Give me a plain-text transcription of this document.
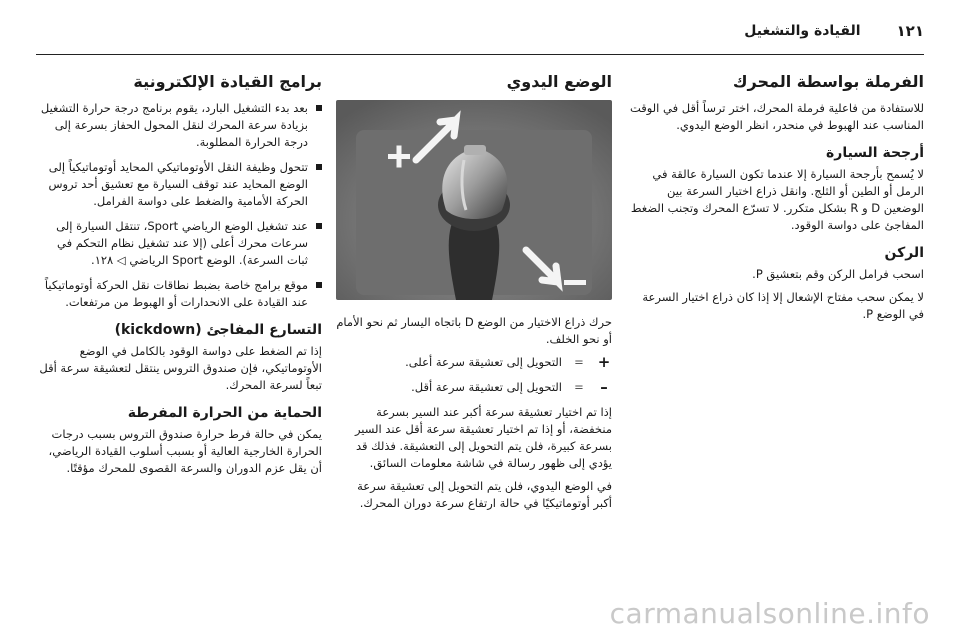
١٢١
القيادة والتشغيل
الفرملة بواسطة المحرك

للاستفادة من فاعلية فرملة المحرك، اختر ترساً أقل في الوقت المناسب عند الهبوط في منحدر، انظر الوضع اليدوي.

أرجحة السيارة

لا يُسمح بأرجحة السيارة إلا عندما تكون السيارة عالقة في الرمل أو الطين أو الثلج. وانقل ذراع اختيار السرعة بين الوضعين D و R بشكل متكرر. لا تسرّع المحرك وتجنب الضغط المفاجئ على دواسة الوقود.

الركن

اسحب فرامل الركن وقم بتعشيق P.

لا يمكن سحب مفتاح الإشعال إلا إذا كان ذراع اختيار السرعة في الوضع P.

الوضع اليدوي

حرك ذراع الاختيار من الوضع D باتجاه اليسار ثم نحو الأمام أو نحو الخلف.

+
=
التحويل إلى تعشيقة سرعة أعلى.
–
=
التحويل إلى تعشيقة سرعة أقل.

إذا تم اختيار تعشيقة سرعة أكبر عند السير بسرعة منخفضة، أو إذا تم اختيار تعشيقة سرعة أقل عند السير بسرعة كبيرة، فلن يتم التحويل إلى التعشيقة. فذلك قد يؤدي إلى ظهور رسالة في شاشة معلومات السائق.

في الوضع اليدوي، فلن يتم التحويل إلى تعشيقة سرعة أكبر أوتوماتيكيًا في حالة ارتفاع سرعة دوران المحرك.

برامج القيادة الإلكترونية
بعد بدء التشغيل البارد، يقوم برنامج درجة حرارة التشغيل بزيادة سرعة المحرك لنقل المحول الحفاز بسرعة إلى درجة الحرارة المطلوبة.
تتحول وظيفة النقل الأوتوماتيكي المحايد أوتوماتيكياً إلى الوضع المحايد عند توقف السيارة مع تعشيق أحد تروس الحركة الأمامية والضغط على دواسة الفرامل.
عند تشغيل الوضع الرياضي Sport، تنتقل السيارة إلى سرعات محرك أعلى (إلا عند تشغيل نظام التحكم في ثبات السرعة). الوضع Sport الرياضي ◁ ١٢٨.
موقع برامج خاصة بضبط نطاقات نقل الحركة أوتوماتيكياً عند القيادة على الانحدارات أو الهبوط من مرتفعات.
التسارع المفاجئ (kickdown)

إذا تم الضغط على دواسة الوقود بالكامل في الوضع الأوتوماتيكي، فإن صندوق التروس ينتقل لتعشيقة سرعة أقل تبعاً لسرعة المحرك.

الحماية من الحرارة المفرطة

يمكن في حالة فرط حرارة صندوق التروس بسبب درجات الحرارة الخارجية العالية أو بسبب أسلوب القيادة الرياضي، أن يقل عزم الدوران والسرعة القصوى للمحرك مؤقتًا.

carmanualsonline.info
